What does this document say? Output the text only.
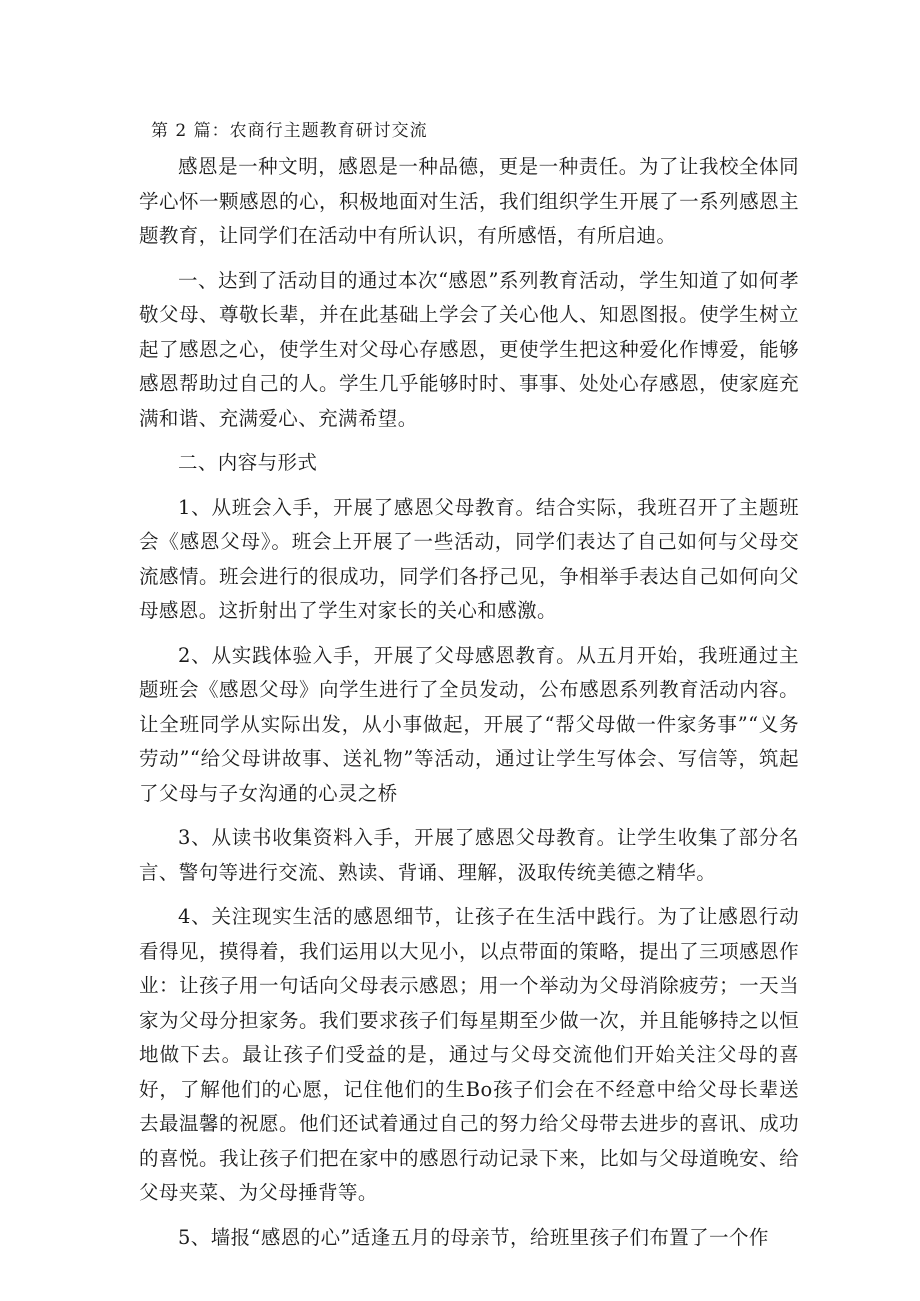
第 2 篇：农商行主题教育研讨交流

感恩是一种文明，感恩是一种品德，更是一种责任。为了让我校全体同学心怀一颗感恩的心，积极地面对生活，我们组织学生开展了一系列感恩主题教育，让同学们在活动中有所认识，有所感悟，有所启迪。

一、达到了活动目的通过本次“感恩”系列教育活动，学生知道了如何孝敬父母、尊敬长辈，并在此基础上学会了关心他人、知恩图报。使学生树立起了感恩之心，使学生对父母心存感恩，更使学生把这种爱化作博爱，能够感恩帮助过自己的人。学生几乎能够时时、事事、处处心存感恩，使家庭充满和谐、充满爱心、充满希望。

二、内容与形式

1、从班会入手，开展了感恩父母教育。结合实际，我班召开了主题班会《感恩父母》。班会上开展了一些活动，同学们表达了自己如何与父母交流感情。班会进行的很成功，同学们各抒己见，争相举手表达自己如何向父母感恩。这折射出了学生对家长的关心和感激。

2、从实践体验入手，开展了父母感恩教育。从五月开始，我班通过主题班会《感恩父母》向学生进行了全员发动，公布感恩系列教育活动内容。让全班同学从实际出发，从小事做起，开展了“帮父母做一件家务事”“义务劳动”“给父母讲故事、送礼物”等活动，通过让学生写体会、写信等，筑起了父母与子女沟通的心灵之桥

3、从读书收集资料入手，开展了感恩父母教育。让学生收集了部分名言、警句等进行交流、熟读、背诵、理解，汲取传统美德之精华。

4、关注现实生活的感恩细节，让孩子在生活中践行。为了让感恩行动看得见，摸得着，我们运用以大见小，以点带面的策略，提出了三项感恩作业：让孩子用一句话向父母表示感恩；用一个举动为父母消除疲劳；一天当家为父母分担家务。我们要求孩子们每星期至少做一次，并且能够持之以恒地做下去。最让孩子们受益的是，通过与父母交流他们开始关注父母的喜好，了解他们的心愿，记住他们的生Bo孩子们会在不经意中给父母长辈送去最温馨的祝愿。他们还试着通过自己的努力给父母带去进步的喜讯、成功的喜悦。我让孩子们把在家中的感恩行动记录下来，比如与父母道晚安、给父母夹菜、为父母捶背等。

5、墙报“感恩的心”适逢五月的母亲节，给班里孩子们布置了一个作
